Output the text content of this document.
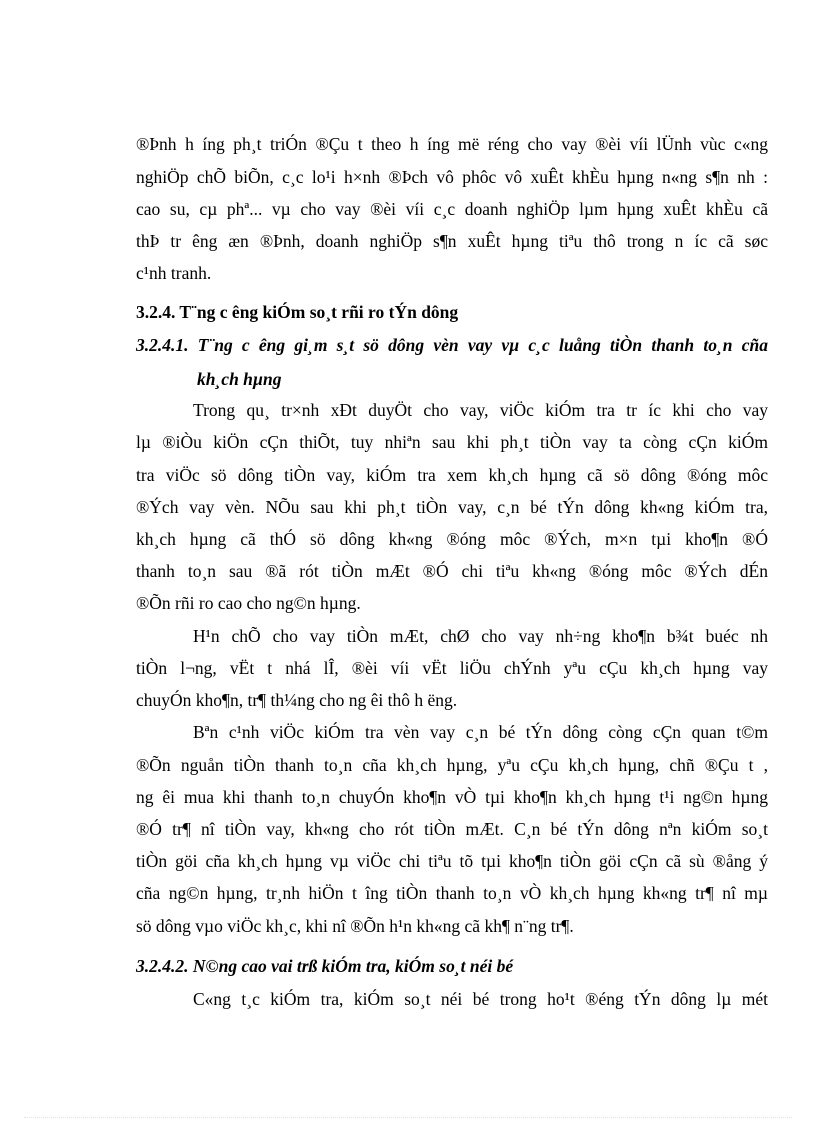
®Þnh h íng ph¸t triÓn ®Çu t theo h íng më réng cho vay ®èi víi lÜnh vùc c«ng
nghiÖp chÕ biÕn, c¸c lo¹i h×nh ®Þch vô phôc vô xuÊt khÈu hµng n«ng s¶n nh :
cao su, cµ phª... vµ cho vay ®èi víi c¸c doanh nghiÖp lµm hµng xuÊt khÈu cã
thÞ tr êng æn ®Þnh, doanh nghiÖp s¶n xuÊt hµng tiªu thô trong n íc cã søc
c¹nh tranh.
3.2.4. T¨ng c êng kiÓm so¸t rñi ro tÝn dông
3.2.4.1. T¨ng c êng gi¸m s¸t sö dông vèn vay vµ c¸c luång tiÒn thanh to¸n cña
kh¸ch hµng
Trong qu¸ tr×nh xÐt duyÖt cho vay, viÖc kiÓm tra tr íc khi cho vay
lµ ®iÒu kiÖn cÇn thiÕt, tuy nhiªn sau khi ph¸t tiÒn vay ta còng cÇn kiÓm
tra viÖc sö dông tiÒn vay, kiÓm tra xem kh¸ch hµng cã sö dông ®óng môc
®Ých vay vèn. NÕu sau khi ph¸t tiÒn vay, c¸n bé tÝn dông kh«ng kiÓm tra,
kh¸ch hµng cã thÓ sö dông kh«ng ®óng môc ®Ých, m×n tµi kho¶n ®Ó
thanh to¸n sau ®ã rót tiÒn mÆt ®Ó chi tiªu kh«ng ®óng môc ®Ých dÉn
®Õn rñi ro cao cho ng©n hµng.
H¹n chÕ cho vay tiÒn mÆt, chØ cho vay nh÷ng kho¶n b¾t buéc nh
tiÒn l¬ng, vËt t nhá lÎ, ®èi víi vËt liÖu chÝnh yªu cÇu kh¸ch hµng vay
chuyÓn kho¶n, tr¶ th¼ng cho ng êi thô h ëng.
Bªn c¹nh viÖc kiÓm tra vèn vay c¸n bé tÝn dông còng cÇn quan t©m
®Õn nguån tiÒn thanh to¸n cña kh¸ch hµng, yªu cÇu kh¸ch hµng, chñ ®Çu t ,
ng êi mua khi thanh to¸n chuyÓn kho¶n vÒ tµi kho¶n kh¸ch hµng t¹i ng©n hµng
®Ó tr¶ nî tiÒn vay, kh«ng cho rót tiÒn mÆt. C¸n bé tÝn dông nªn kiÓm so¸t
tiÒn göi cña kh¸ch hµng vµ viÖc chi tiªu tõ tµi kho¶n tiÒn göi cÇn cã sù ®ång ý
cña ng©n hµng, tr¸nh hiÖn t îng tiÒn thanh to¸n vÒ kh¸ch hµng kh«ng tr¶ nî mµ
sö dông vµo viÖc kh¸c, khi nî ®Õn h¹n kh«ng cã kh¶ n¨ng tr¶.
3.2.4.2. N©ng cao vai trß kiÓm tra, kiÓm so¸t néi bé
C«ng t¸c kiÓm tra, kiÓm so¸t néi bé trong ho¹t ®éng tÝn dông lµ mét
